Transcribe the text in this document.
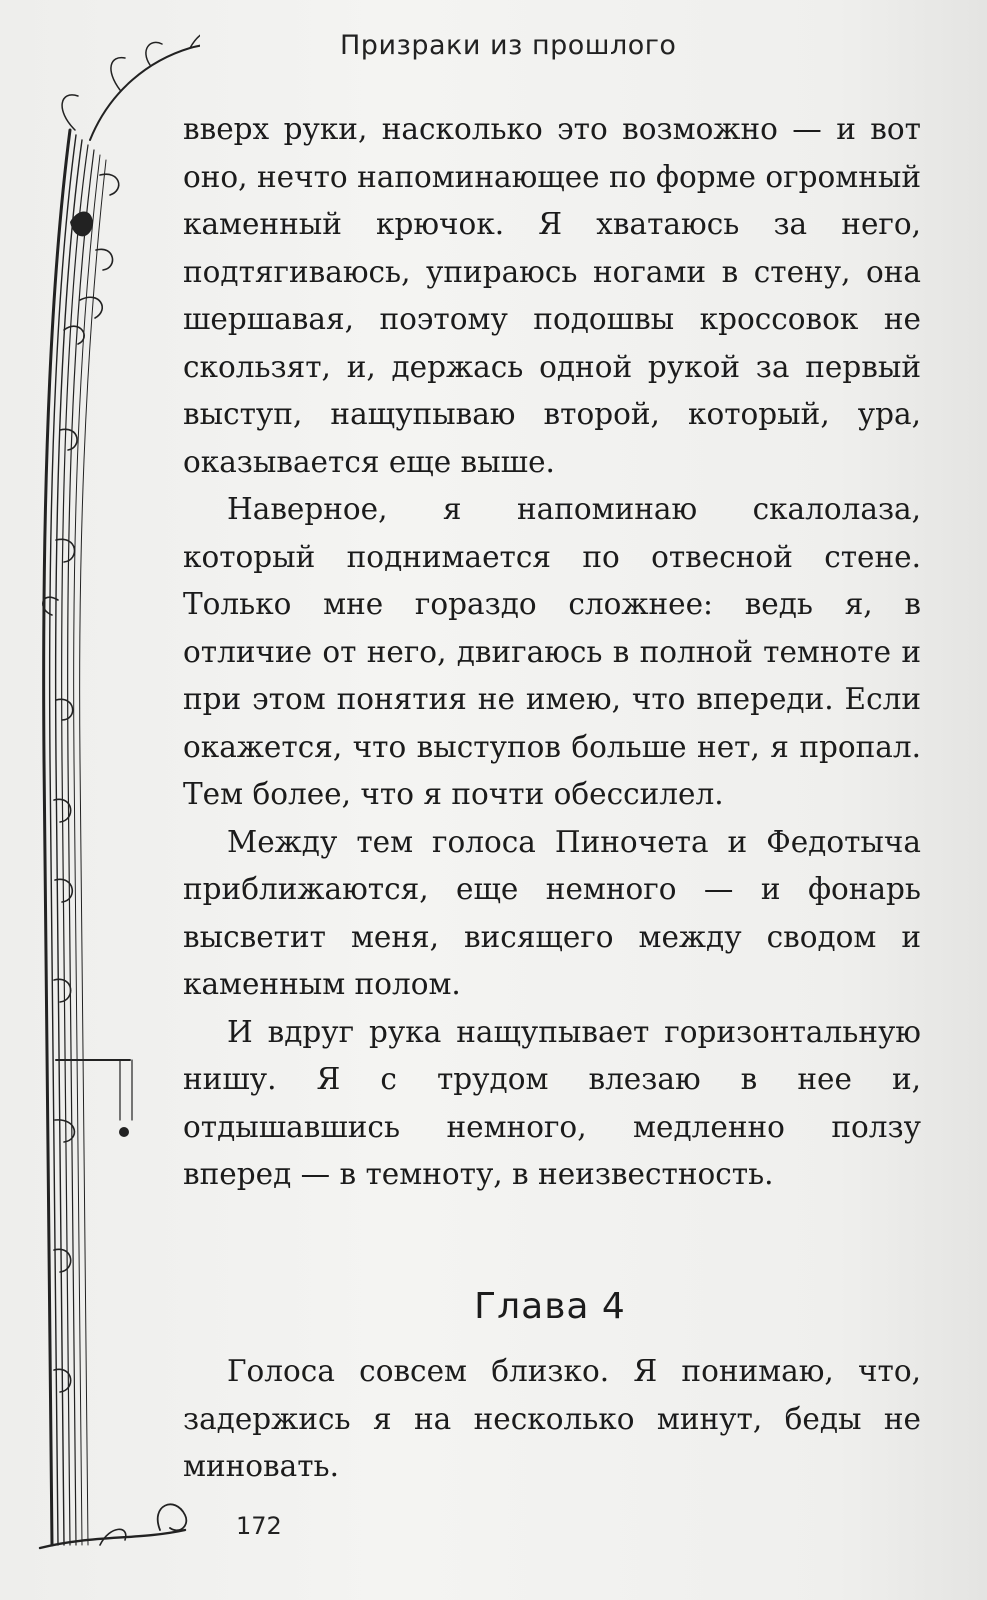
Призраки из прошлого

вверх руки, насколько это возможно — и вот оно, нечто напоминающее по форме огромный каменный крючок. Я хватаюсь за него, подтягиваюсь, упираюсь ногами в стену, она шершавая, поэтому подошвы кроссовок не скользят, и, держась одной рукой за первый выступ, нащупываю второй, который, ура, оказывается еще выше.

Наверное, я напоминаю скалолаза, который поднимается по отвесной стене. Только мне гораздо сложнее: ведь я, в отличие от него, двигаюсь в полной темноте и при этом понятия не имею, что впереди. Если окажется, что выступов больше нет, я пропал. Тем более, что я почти обессилел.

Между тем голоса Пиночета и Федотыча приближаются, еще немного — и фонарь высветит меня, висящего между сводом и каменным полом.

И вдруг рука нащупывает горизонтальную нишу. Я с трудом влезаю в нее и, отдышавшись немного, медленно ползу вперед — в темноту, в неизвестность.

Глава 4

Голоса совсем близко. Я понимаю, что, задержись я на несколько минут, беды не миновать.

172
